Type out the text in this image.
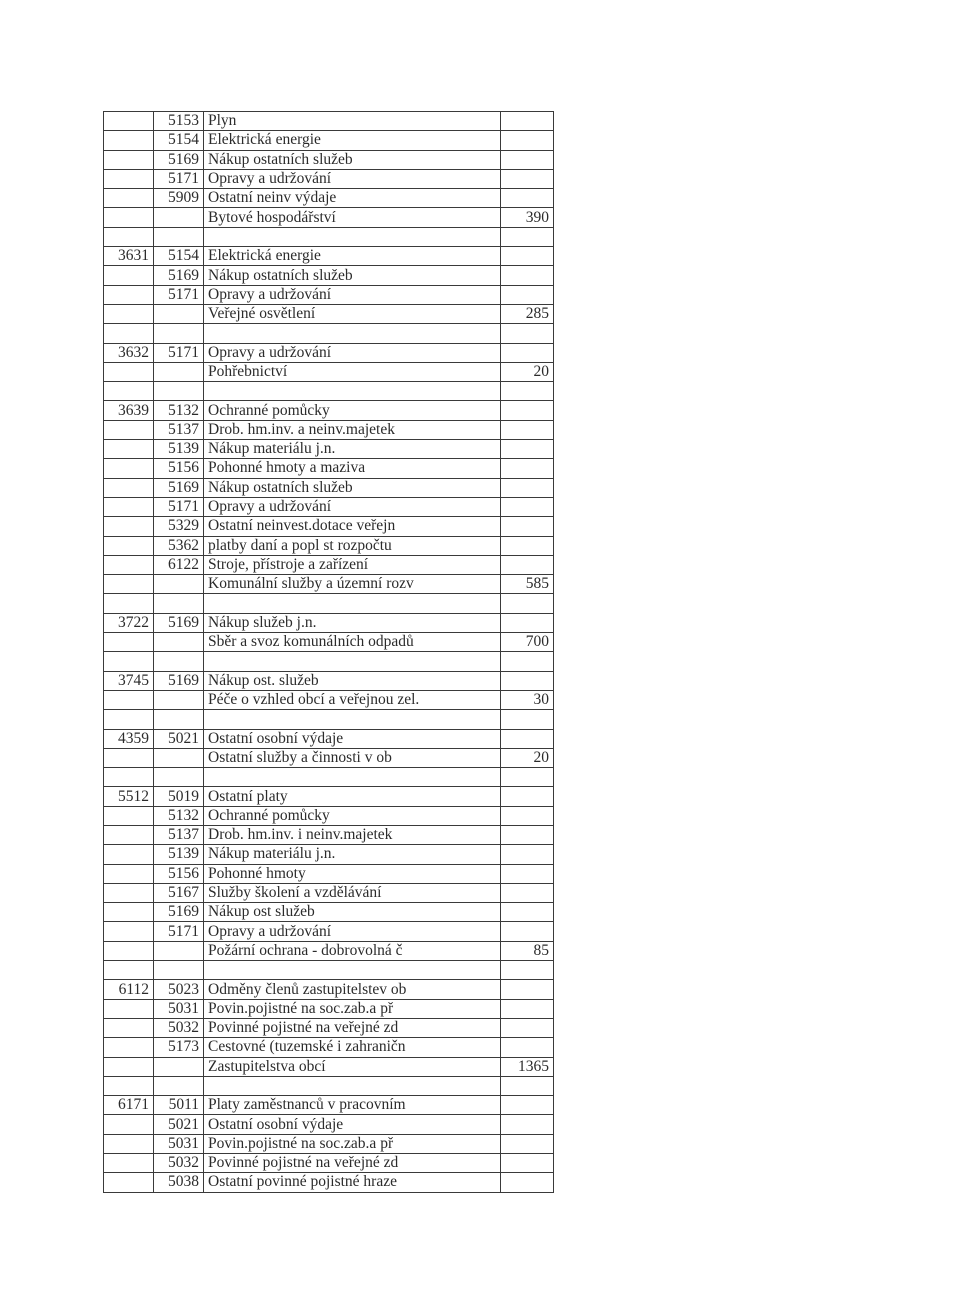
	5153	Plyn	
	5154	Elektrická energie	
	5169	Nákup ostatních služeb	
	5171	Opravy a udržování	
	5909	Ostatní neinv výdaje	
		Bytové hospodářství	390

3631	5154	Elektrická energie	
	5169	Nákup ostatních služeb	
	5171	Opravy a udržování	
		Veřejné osvětlení	285

3632	5171	Opravy a udržování	
		Pohřebnictví	20

3639	5132	Ochranné pomůcky	
	5137	Drob. hm.inv. a neinv.majetek	
	5139	Nákup materiálu j.n.	
	5156	Pohonné hmoty a maziva	
	5169	Nákup ostatních služeb	
	5171	Opravy a udržování	
	5329	Ostatní neinvest.dotace veřejn	
	5362	platby daní a popl st rozpočtu	
	6122	Stroje, přístroje a zařízení	
		Komunální služby a územní rozv	585

3722	5169	Nákup služeb j.n.	
		Sběr a svoz komunálních odpadů	700

3745	5169	Nákup ost. služeb	
		Péče o vzhled obcí a veřejnou zel.	30

4359	5021	Ostatní osobní výdaje	
		Ostatní služby a činnosti v ob	20

5512	5019	Ostatní platy	
	5132	Ochranné pomůcky	
	5137	Drob. hm.inv. i neinv.majetek	
	5139	Nákup materiálu j.n.	
	5156	Pohonné hmoty	
	5167	Služby školení a vzdělávání	
	5169	Nákup ost služeb	
	5171	Opravy a udržování	
		Požární ochrana - dobrovolná č	85

6112	5023	Odměny členů zastupitelstev ob	
	5031	Povin.pojistné na soc.zab.a př	
	5032	Povinné pojistné na veřejné zd	
	5173	Cestovné (tuzemské i zahraničn	
		Zastupitelstva obcí	1365

6171	5011	Platy zaměstnanců v pracovním	
	5021	Ostatní osobní výdaje	
	5031	Povin.pojistné na soc.zab.a př	
	5032	Povinné pojistné na veřejné zd	
	5038	Ostatní povinné pojistné hraze	
